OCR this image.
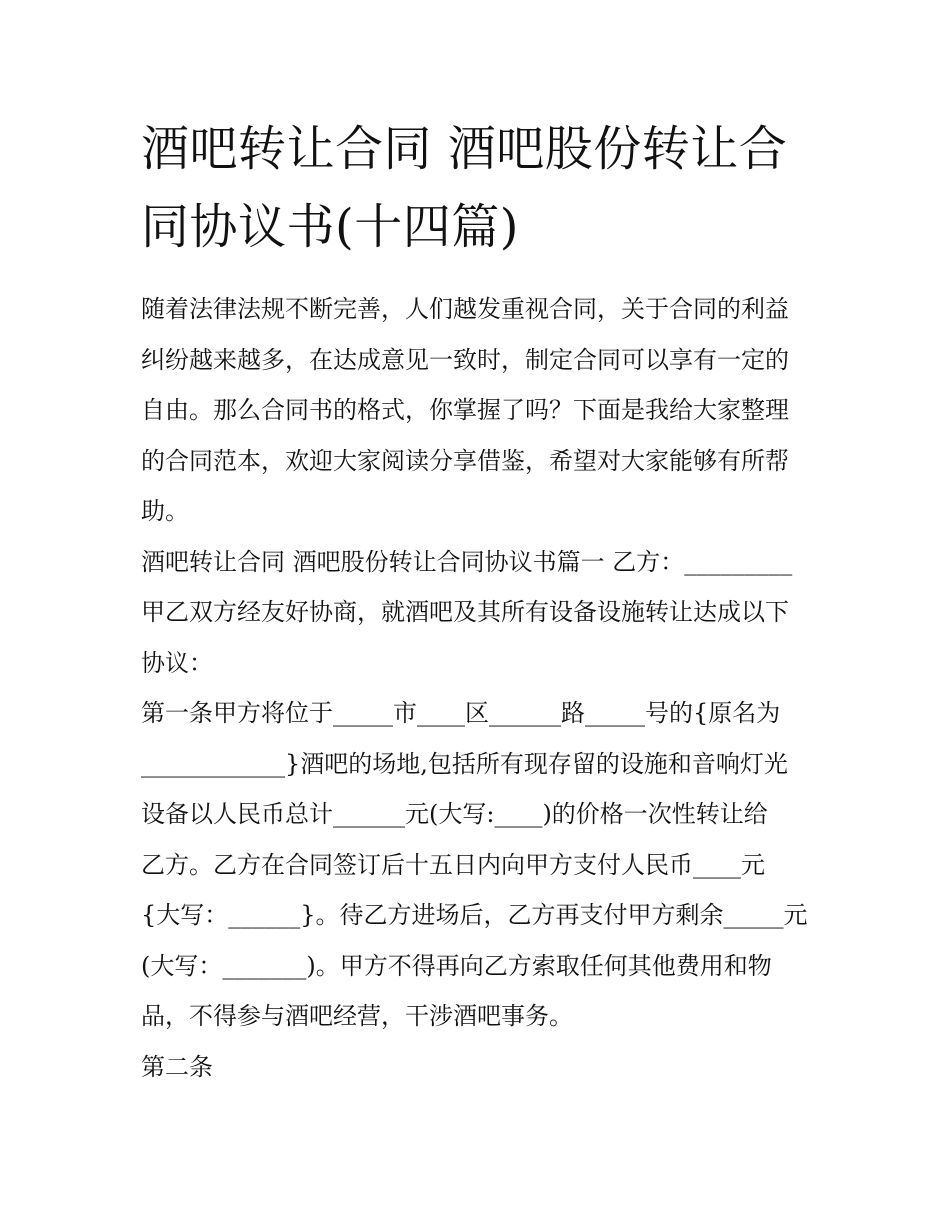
酒吧转让合同 酒吧股份转让合
同协议书(十四篇)

随着法律法规不断完善，人们越发重视合同，关于合同的利益
纠纷越来越多，在达成意见一致时，制定合同可以享有一定的
自由。那么合同书的格式，你掌握了吗？下面是我给大家整理
的合同范本，欢迎大家阅读分享借鉴，希望对大家能够有所帮
助。

酒吧转让合同 酒吧股份转让合同协议书篇一 乙方：_________
甲乙双方经友好协商，就酒吧及其所有设备设施转让达成以下
协议：

第一条甲方将位于_____市____区______路_____号的{原名为
____________}酒吧的场地,包括所有现存留的设施和音响灯光
设备以人民币总计______元(大写:____)的价格一次性转让给
乙方。乙方在合同签订后十五日内向甲方支付人民币____元
{大写：______}。待乙方进场后，乙方再支付甲方剩余_____元
(大写：_______)。甲方不得再向乙方索取任何其他费用和物
品，不得参与酒吧经营，干涉酒吧事务。

第二条
